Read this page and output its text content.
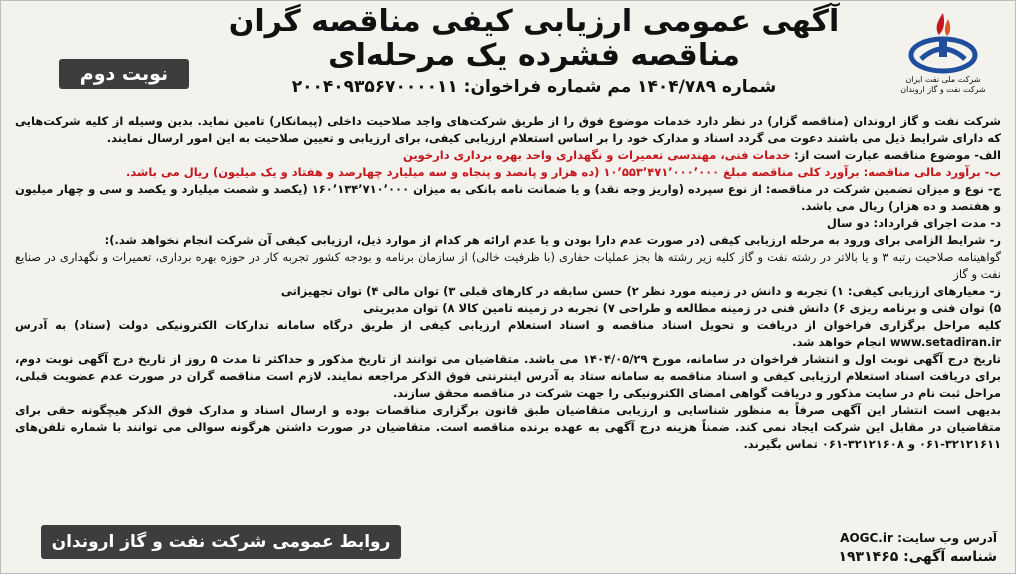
شرکت ملی نفت ایران
شرکت نفت و گاز اروندان
آگهی عمومی ارزیابی کیفی مناقصه گران
مناقصه فشرده یک مرحله‌ای
شماره ۱۴۰۴/۷۸۹ مم شماره فراخوان: ۲۰۰۴۰۹۳۵۶۷۰۰۰۰۱۱
نوبت دوم

شرکت نفت و گاز اروندان (مناقصه گزار) در نظر دارد خدمات موضوع فوق را از طریق شرکت‌های واجد صلاحیت داخلی (پیمانکار) تامین نماید. بدین وسیله از کلیه شرکت‌هایی که دارای شرایط ذیل می باشند دعوت می گردد اسناد و مدارک خود را بر اساس استعلام ارزیابی کیفی، برای ارزیابی و تعیین صلاحیت به این امور ارسال نمایند.

الف- موضوع مناقصه عبارت است از: خدمات فنی، مهندسی تعمیرات و نگهداری واحد بهره برداری دارخوین

ب- برآورد مالی مناقصه: برآورد کلی مناقصه مبلغ ۱۰٬۵۵۳٬۴۷۱٬۰۰۰٬۰۰۰ (ده هزار و پانصد و پنجاه و سه میلیارد چهارصد و هفتاد و یک میلیون) ریال می باشد.

ج- نوع و میزان تضمین شرکت در مناقصه: از نوع سپرده (واریز وجه نقد) و یا ضمانت نامه بانکی به میزان ۱۶۰٬۱۳۴٬۷۱۰٬۰۰۰ (یکصد و شصت میلیارد و یکصد و سی و چهار میلیون و هفتصد و ده هزار) ریال می باشد.

د- مدت اجرای قرارداد: دو سال

ر- شرایط الزامی برای ورود به مرحله ارزیابی کیفی (در صورت عدم دارا بودن و یا عدم ارائه هر کدام از موارد ذیل، ارزیابی کیفی آن شرکت انجام نخواهد شد.):

گواهینامه صلاحیت رتبه ۳ و یا بالاتر در رشته نفت و گاز کلیه زیر رشته ها بجز عملیات حفاری (با ظرفیت خالی) از سازمان برنامه و بودجه کشور تجربه کار در حوزه بهره برداری، تعمیرات و نگهداری در صنایع نفت و گاز

ز- معیارهای ارزیابی کیفی: ۱) تجربه و دانش در زمینه مورد نظر ۲) حسن سابقه در کارهای قبلی ۳) توان مالی ۴) توان تجهیزاتی

۵) توان فنی و برنامه ریزی ۶) دانش فنی در زمینه مطالعه و طراحی ۷) تجربه در زمینه تامین کالا ۸) توان مدیریتی

کلیه مراحل برگزاری فراخوان از دریافت و تحویل اسناد مناقصه و اسناد استعلام ارزیابی کیفی از طریق درگاه سامانه تدارکات الکترونیکی دولت (ستاد) به آدرس www.setadiran.ir انجام خواهد شد.

تاریخ درج آگهی نوبت اول و انتشار فراخوان در سامانه، مورخ ۱۴۰۴/۰۵/۲۹ می باشد. متقاضیان می توانند از تاریخ مذکور و حداکثر تا مدت ۵ روز از تاریخ درج آگهی نوبت دوم، برای دریافت اسناد استعلام ارزیابی کیفی و اسناد مناقصه به سامانه ستاد به آدرس اینترنتی فوق الذکر مراجعه نمایند. لازم است مناقصه گران در صورت عدم عضویت قبلی، مراحل ثبت نام در سایت مذکور و دریافت گواهی امضای الکترونیکی را جهت شرکت در مناقصه محقق سازند.

بدیهی است انتشار این آگهی صرفاً به منظور شناسایی و ارزیابی متقاضیان طبق قانون برگزاری مناقصات بوده و ارسال اسناد و مدارک فوق الذکر هیچگونه حقی برای متقاضیان در مقابل این شرکت ایجاد نمی کند. ضمناً هزینه درج آگهی به عهده برنده مناقصه است. متقاضیان در صورت داشتن هرگونه سوالی می توانند با شماره تلفن‌های ۳۲۱۲۱۶۱۱-۰۶۱ و ۳۲۱۲۱۶۰۸-۰۶۱ تماس بگیرند.

آدرس وب سایت: AOGC.ir
شناسه آگهی: ۱۹۳۱۴۶۵
روابط عمومی شرکت نفت و گاز اروندان
